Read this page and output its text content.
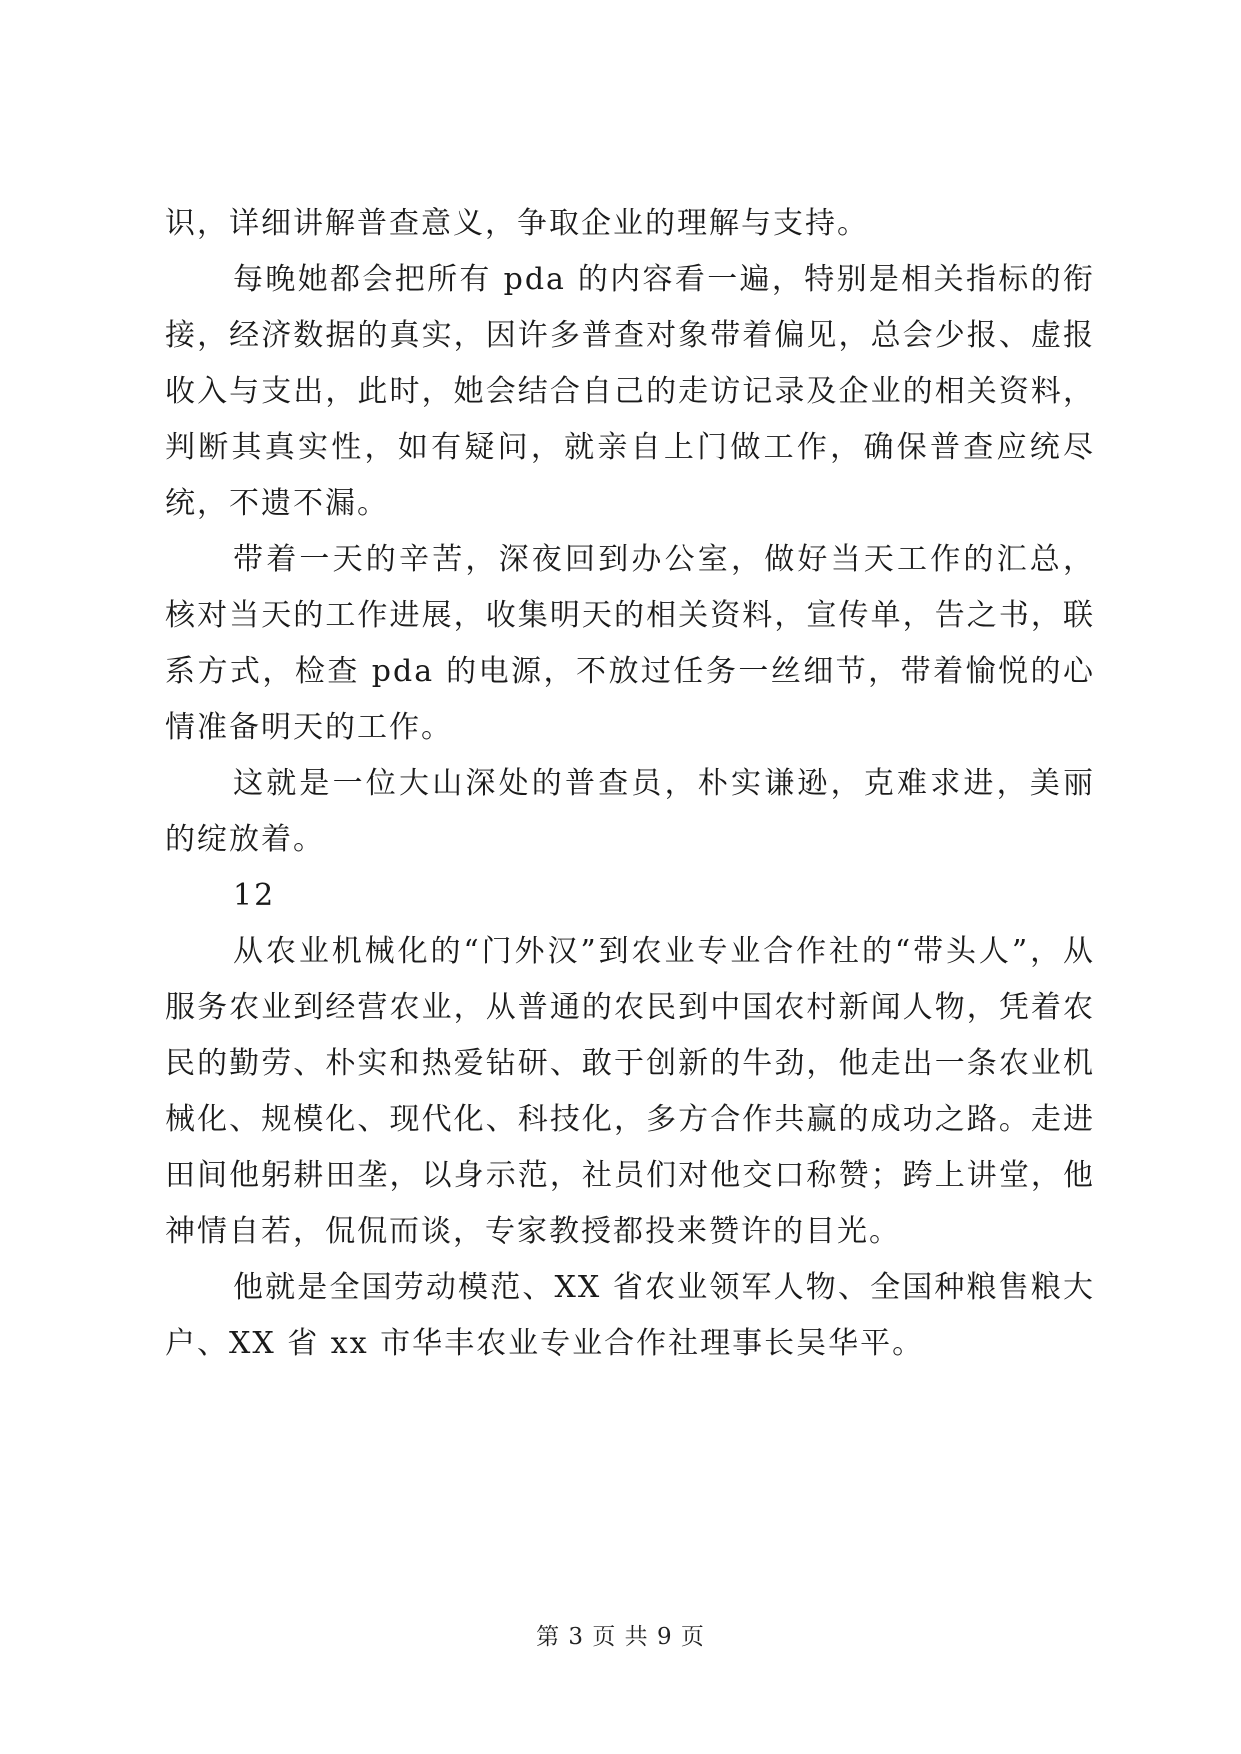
识，详细讲解普查意义，争取企业的理解与支持。

每晚她都会把所有 pda 的内容看一遍，特别是相关指标的衔接，经济数据的真实，因许多普查对象带着偏见，总会少报、虚报收入与支出，此时，她会结合自己的走访记录及企业的相关资料，判断其真实性，如有疑问，就亲自上门做工作，确保普查应统尽统，不遗不漏。

带着一天的辛苦，深夜回到办公室，做好当天工作的汇总，核对当天的工作进展，收集明天的相关资料，宣传单，告之书，联系方式，检查 pda 的电源，不放过任务一丝细节，带着愉悦的心情准备明天的工作。

这就是一位大山深处的普查员，朴实谦逊，克难求进，美丽的绽放着。

12

从农业机械化的“门外汉”到农业专业合作社的“带头人”，从服务农业到经营农业，从普通的农民到中国农村新闻人物，凭着农民的勤劳、朴实和热爱钻研、敢于创新的牛劲，他走出一条农业机械化、规模化、现代化、科技化，多方合作共赢的成功之路。走进田间他躬耕田垄，以身示范，社员们对他交口称赞；跨上讲堂，他神情自若，侃侃而谈，专家教授都投来赞许的目光。

他就是全国劳动模范、XX 省农业领军人物、全国种粮售粮大户、XX 省 xx 市华丰农业专业合作社理事长吴华平。

第 3 页 共 9 页
